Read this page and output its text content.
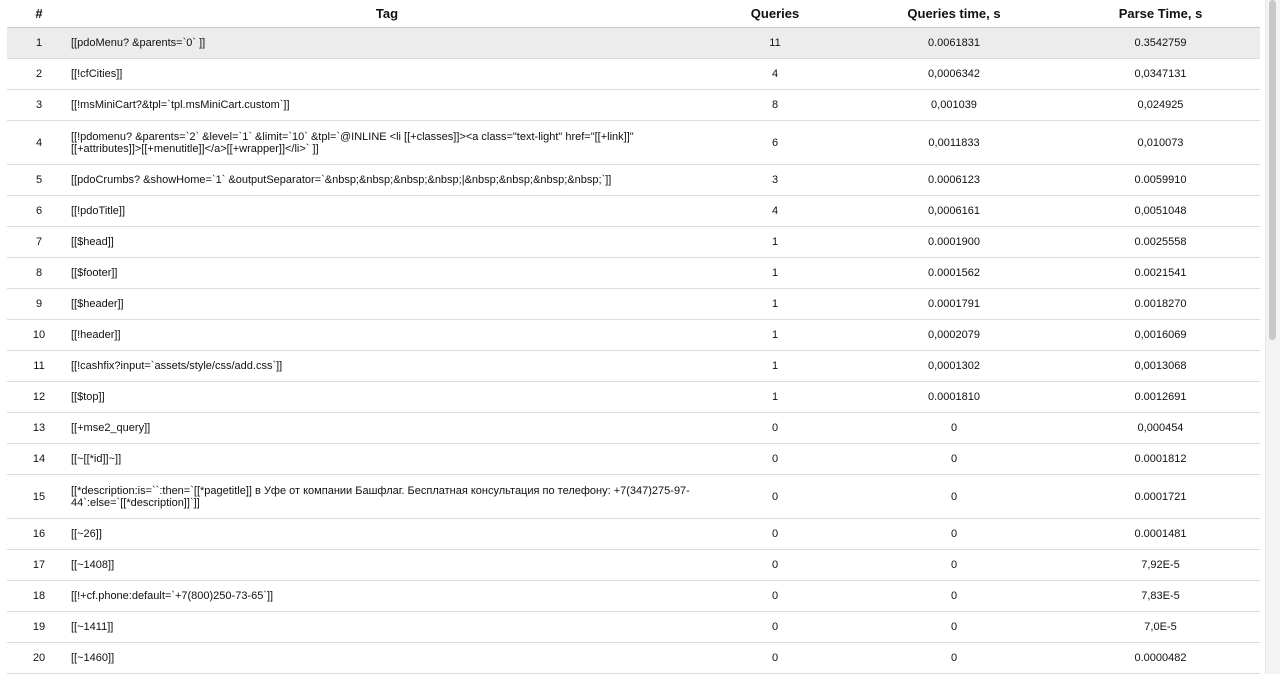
#	Tag	Queries	Queries time, s	Parse Time, s
1	[[pdoMenu? &parents=`0` ]]	11	0.0061831	0.3542759
2	[[!cfCities]]	4	0,0006342	0,0347131
3	[[!msMiniCart?&tpl=`tpl.msMiniCart.custom`]]	8	0,001039	0,024925
4	[[!pdomenu? &parents=`2` &level=`1` &limit=`10` &tpl=`@INLINE <li [[+classes]]><a class="text-light" href="[[+link]]" [[+attributes]]>[[+menutitle]]</a>[[+wrapper]]</li>` ]]	6	0,0011833	0,010073
5	[[pdoCrumbs? &showHome=`1` &outputSeparator=`&nbsp;&nbsp;&nbsp;&nbsp;|&nbsp;&nbsp;&nbsp;&nbsp;`]]	3	0.0006123	0.0059910
6	[[!pdoTitle]]	4	0,0006161	0,0051048
7	[[$head]]	1	0.0001900	0.0025558
8	[[$footer]]	1	0.0001562	0.0021541
9	[[$header]]	1	0.0001791	0.0018270
10	[[!header]]	1	0,0002079	0,0016069
11	[[!cashfix?input=`assets/style/css/add.css`]]	1	0,0001302	0,0013068
12	[[$top]]	1	0.0001810	0.0012691
13	[[+mse2_query]]	0	0	0,000454
14	[[~[[*id]]~]]	0	0	0.0001812
15	[[*description:is=``:then=`[[*pagetitle]] в Уфе от компании Башфлаг. Бесплатная консультация по телефону: +7(347)275-97-44`:else=`[[*description]]`]]	0	0	0.0001721
16	[[~26]]	0	0	0.0001481
17	[[~1408]]	0	0	7,92E-5
18	[[!+cf.phone:default=`+7(800)250-73-65`]]	0	0	7,83E-5
19	[[~1411]]	0	0	7,0E-5
20	[[~1460]]	0	0	0.0000482
